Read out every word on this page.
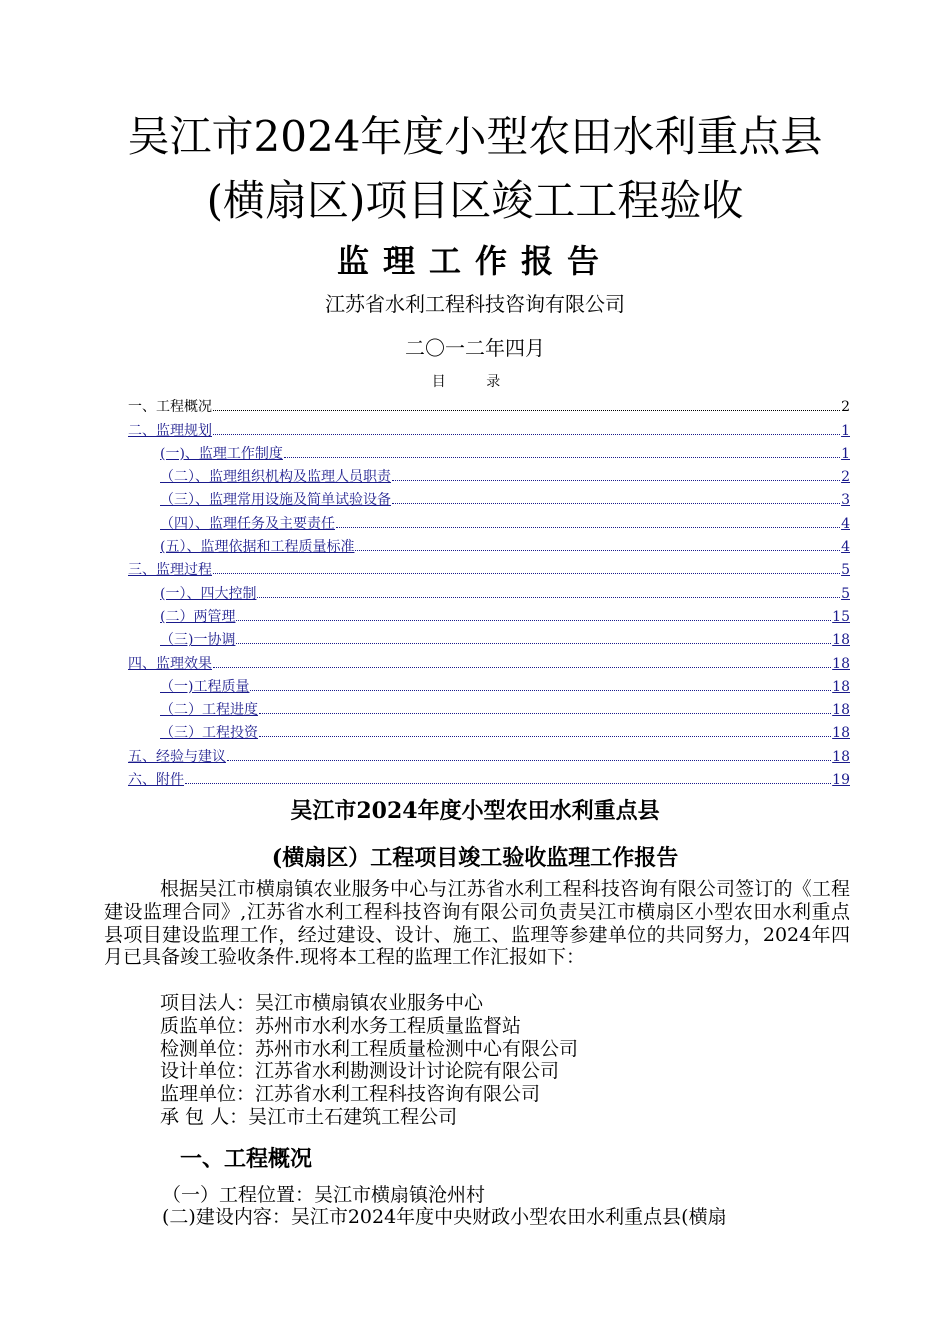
吴江市2024年度小型农田水利重点县
(横扇区)项目区竣工工程验收
监理工作报告
江苏省水利工程科技咨询有限公司
二〇一二年四月
目 录
一、工程概况	2
二、监理规划	1
(一)、监理工作制度	1
（二）、监理组织机构及监理人员职责	2
（三）、监理常用设施及简单试验设备	3
（四）、监理任务及主要责任	4
(五）、监理依据和工程质量标准	4
三、监理过程	5
(一）、四大控制	5
(二）两管理	15
（三)一协调	18
四、监理效果	18
（一)工程质量	18
（二）工程进度	18
（三）工程投资	18
五、经验与建议	18
六、附件	19
吴江市2024年度小型农田水利重点县
(横扇区）工程项目竣工验收监理工作报告
根据吴江市横扇镇农业服务中心与江苏省水利工程科技咨询有限公司签订的《工程建设监理合同》,江苏省水利工程科技咨询有限公司负责吴江市横扇区小型农田水利重点县项目建设监理工作，经过建设、设计、施工、监理等参建单位的共同努力，2024年四月已具备竣工验收条件.现将本工程的监理工作汇报如下：
项目法人：吴江市横扇镇农业服务中心
质监单位：苏州市水利水务工程质量监督站
检测单位：苏州市水利工程质量检测中心有限公司
设计单位：江苏省水利勘测设计讨论院有限公司
监理单位：江苏省水利工程科技咨询有限公司
承 包 人：吴江市土石建筑工程公司
一、工程概况
（一）工程位置：吴江市横扇镇沧州村
(二)建设内容：吴江市2024年度中央财政小型农田水利重点县(横扇
